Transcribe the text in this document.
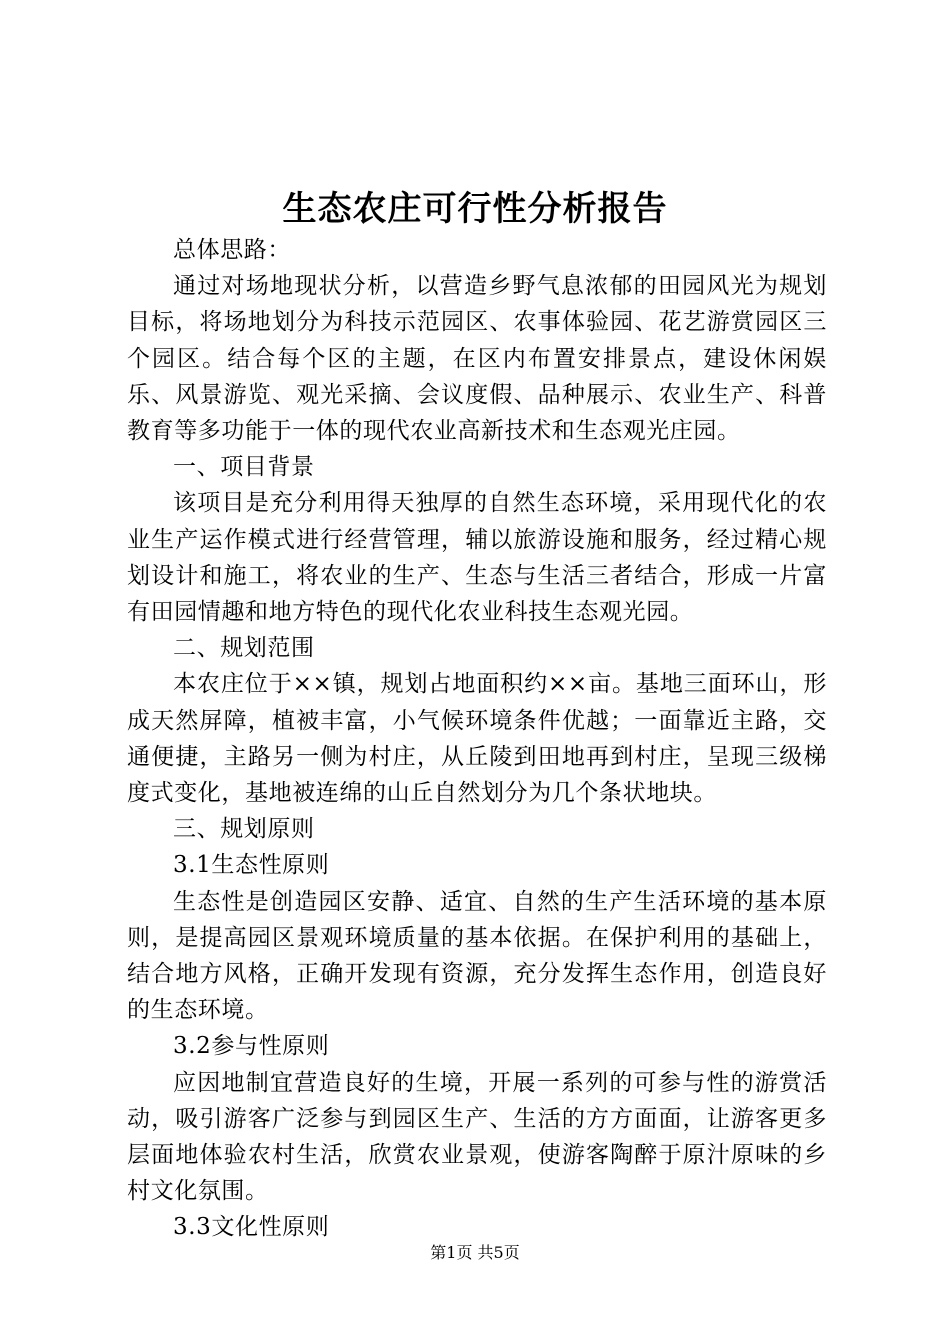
生态农庄可行性分析报告
总体思路：

通过对场地现状分析，以营造乡野气息浓郁的田园风光为规划目标，将场地划分为科技示范园区、农事体验园、花艺游赏园区三个园区。结合每个区的主题，在区内布置安排景点，建设休闲娱乐、风景游览、观光采摘、会议度假、品种展示、农业生产、科普教育等多功能于一体的现代农业高新技术和生态观光庄园。

一、项目背景

该项目是充分利用得天独厚的自然生态环境，采用现代化的农业生产运作模式进行经营管理，辅以旅游设施和服务，经过精心规划设计和施工，将农业的生产、生态与生活三者结合，形成一片富有田园情趣和地方特色的现代化农业科技生态观光园。

二、规划范围

本农庄位于××镇，规划占地面积约××亩。基地三面环山，形成天然屏障，植被丰富，小气候环境条件优越；一面靠近主路，交通便捷，主路另一侧为村庄，从丘陵到田地再到村庄，呈现三级梯度式变化，基地被连绵的山丘自然划分为几个条状地块。

三、规划原则
3.1生态性原则

生态性是创造园区安静、适宜、自然的生产生活环境的基本原则，是提高园区景观环境质量的基本依据。在保护利用的基础上，结合地方风格，正确开发现有资源，充分发挥生态作用，创造良好的生态环境。

3.2参与性原则

应因地制宜营造良好的生境，开展一系列的可参与性的游赏活动，吸引游客广泛参与到园区生产、生活的方方面面，让游客更多层面地体验农村生活，欣赏农业景观，使游客陶醉于原汁原味的乡村文化氛围。

3.3文化性原则
第1页 共5页
